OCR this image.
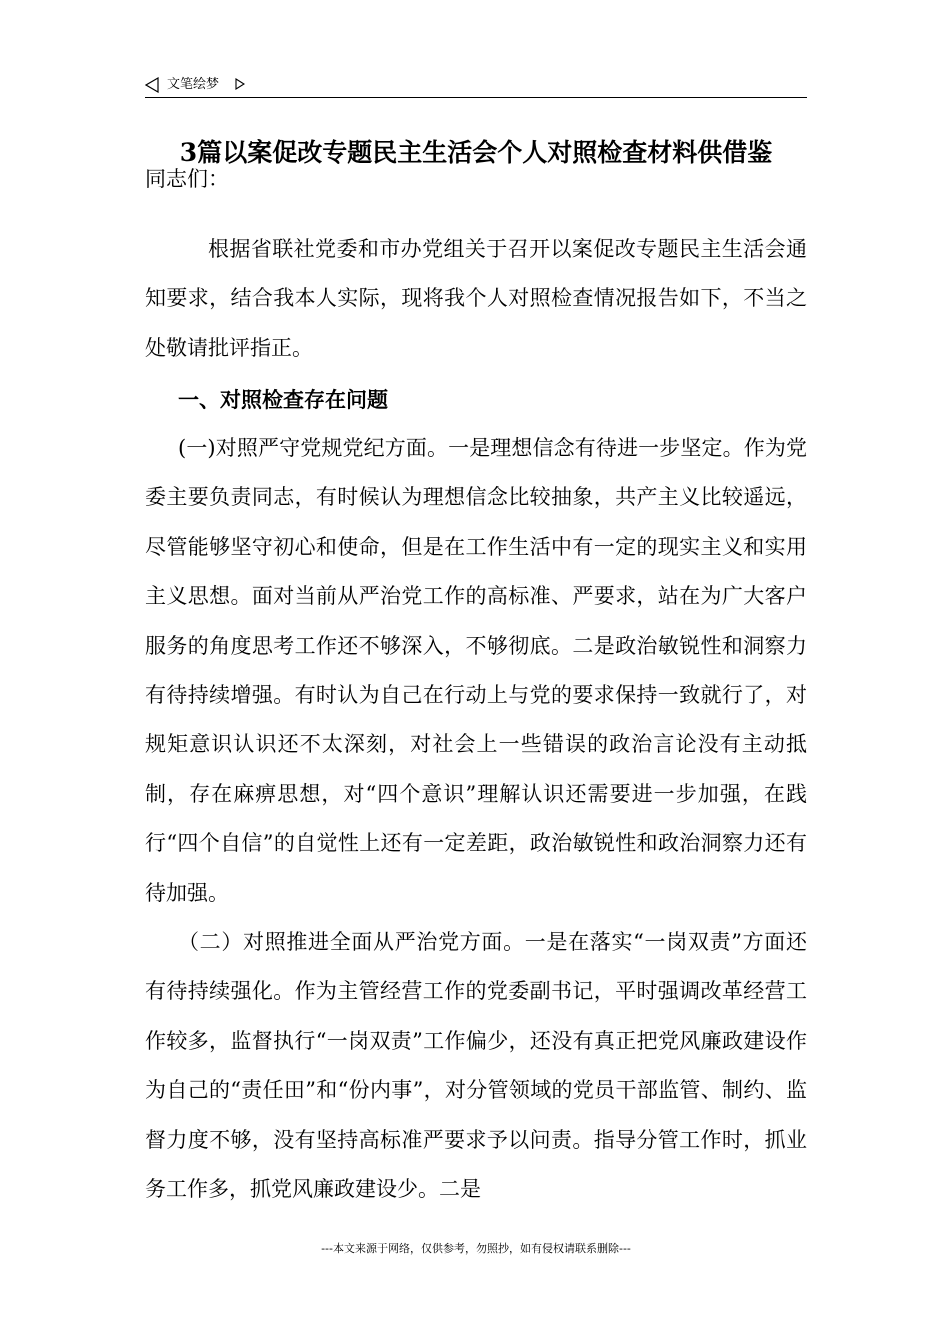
文笔绘梦
3篇以案促改专题民主生活会个人对照检查材料供借鉴
同志们：
根据省联社党委和市办党组关于召开以案促改专题民主生活会通知要求，结合我本人实际，现将我个人对照检查情况报告如下，不当之处敬请批评指正。
一、对照检查存在问题
(一)对照严守党规党纪方面。一是理想信念有待进一步坚定。作为党委主要负责同志，有时候认为理想信念比较抽象，共产主义比较遥远，尽管能够坚守初心和使命，但是在工作生活中有一定的现实主义和实用主义思想。面对当前从严治党工作的高标准、严要求，站在为广大客户服务的角度思考工作还不够深入，不够彻底。二是政治敏锐性和洞察力有待持续增强。有时认为自己在行动上与党的要求保持一致就行了，对规矩意识认识还不太深刻，对社会上一些错误的政治言论没有主动抵制，存在麻痹思想，对“四个意识”理解认识还需要进一步加强，在践行“四个自信”的自觉性上还有一定差距，政治敏锐性和政治洞察力还有待加强。
（二）对照推进全面从严治党方面。一是在落实“一岗双责”方面还有待持续强化。作为主管经营工作的党委副书记，平时强调改革经营工作较多，监督执行“一岗双责”工作偏少，还没有真正把党风廉政建设作为自己的“责任田”和“份内事”，对分管领域的党员干部监管、制约、监督力度不够，没有坚持高标准严要求予以问责。指导分管工作时，抓业务工作多，抓党风廉政建设少。二是
---本文来源于网络，仅供参考，勿照抄，如有侵权请联系删除---
